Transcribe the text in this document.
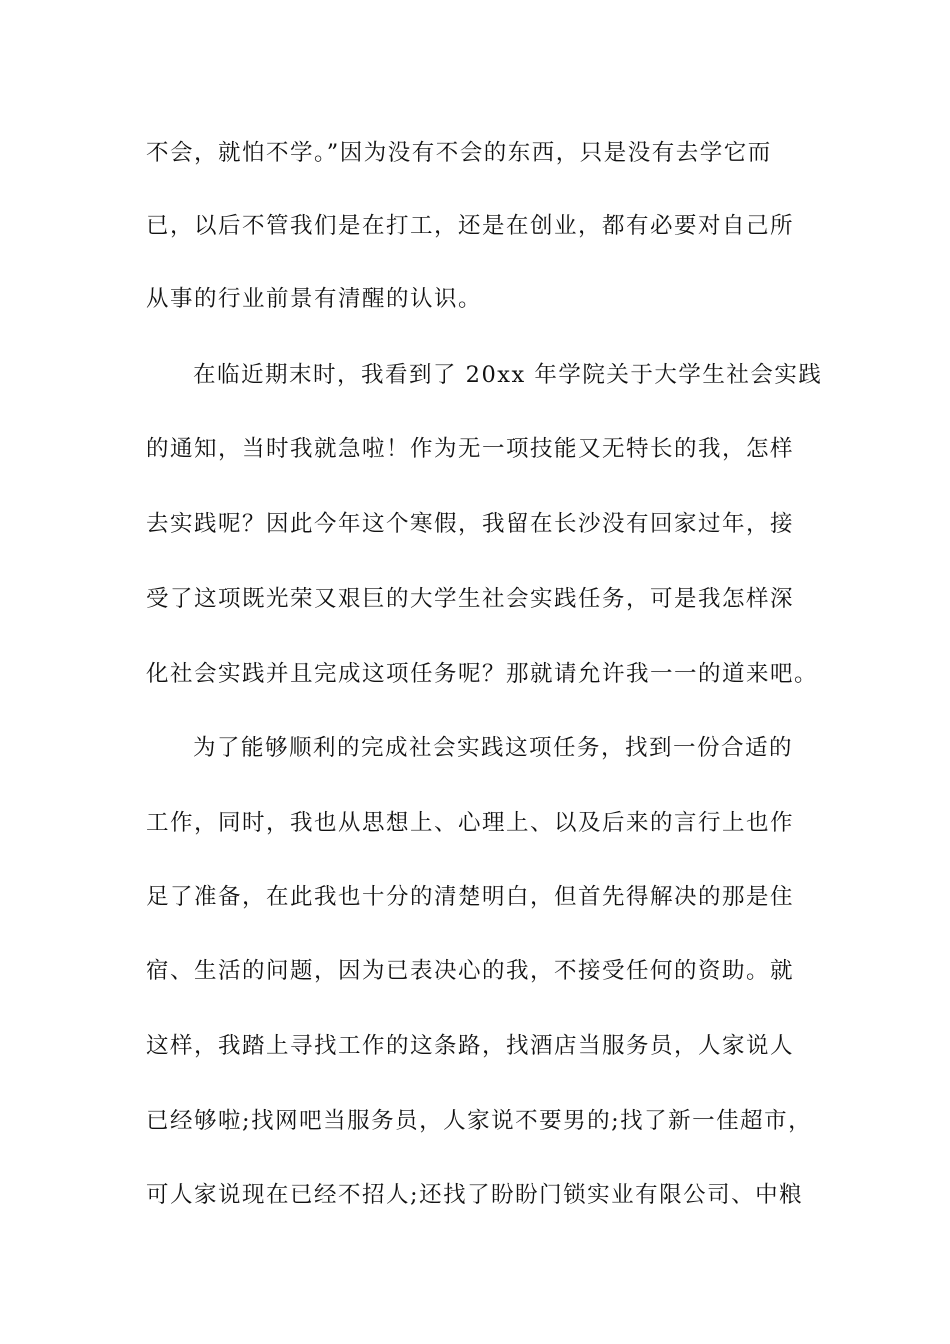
不会，就怕不学。”因为没有不会的东西，只是没有去学它而
已，以后不管我们是在打工，还是在创业，都有必要对自己所
从事的行业前景有清醒的认识。
在临近期末时，我看到了 20xx 年学院关于大学生社会实践
的通知，当时我就急啦！作为无一项技能又无特长的我，怎样
去实践呢？因此今年这个寒假，我留在长沙没有回家过年，接
受了这项既光荣又艰巨的大学生社会实践任务，可是我怎样深
化社会实践并且完成这项任务呢？那就请允许我一一的道来吧。
为了能够顺利的完成社会实践这项任务，找到一份合适的
工作，同时，我也从思想上、心理上、以及后来的言行上也作
足了准备，在此我也十分的清楚明白，但首先得解决的那是住
宿、生活的问题，因为已表决心的我，不接受任何的资助。就
这样，我踏上寻找工作的这条路，找酒店当服务员，人家说人
已经够啦;找网吧当服务员，人家说不要男的;找了新一佳超市，
可人家说现在已经不招人;还找了盼盼门锁实业有限公司、中粮
